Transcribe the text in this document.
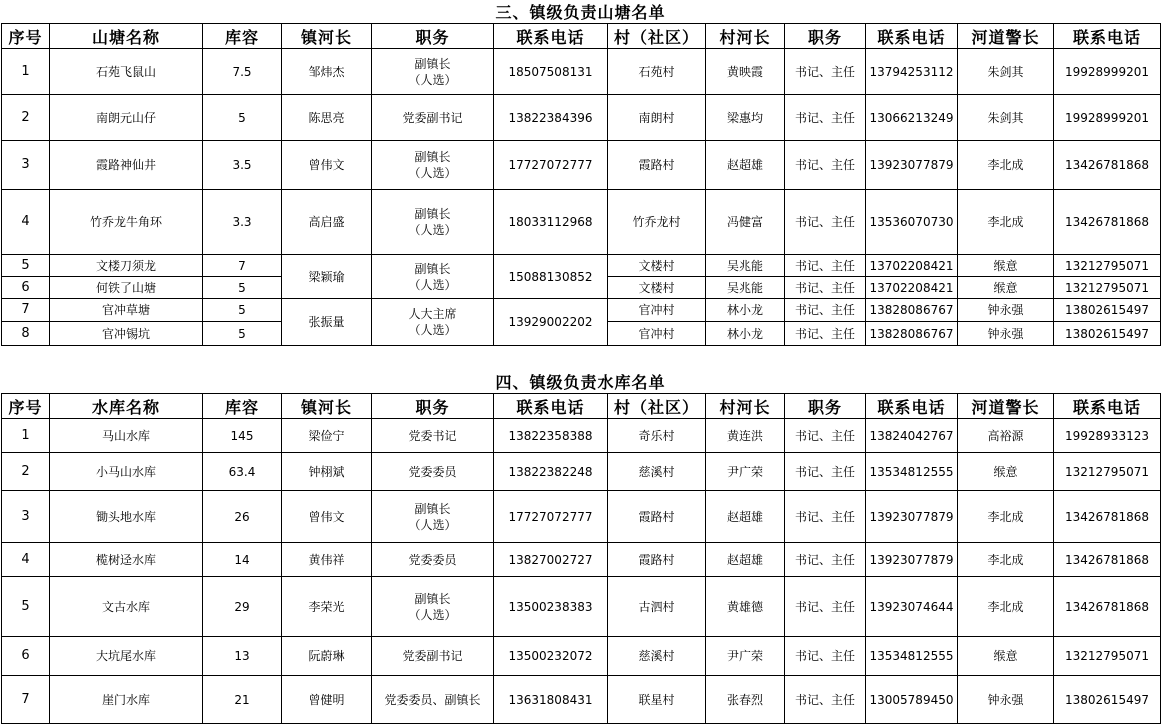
三、镇级负责山塘名单
序号	山塘名称	库容	镇河长	职务	联系电话	村（社区）	村河长	职务	联系电话	河道警长	联系电话
1	石苑飞鼠山	7.5	邹炜杰	副镇长
（人选）	18507508131	石苑村	黄映霞	书记、主任	13794253112	朱剑其	19928999201
2	南朗元山仔	5	陈思亮	党委副书记	13822384396	南朗村	梁惠均	书记、主任	13066213249	朱剑其	19928999201
3	霞路神仙井	3.5	曾伟文	副镇长
（人选）	17727072777	霞路村	赵超雄	书记、主任	13923077879	李北成	13426781868
4	竹乔龙牛角环	3.3	高启盛	副镇长
（人选）	18033112968	竹乔龙村	冯健富	书记、主任	13536070730	李北成	13426781868
5	文楼刀须龙	7	梁颖瑜	副镇长
（人选）	15088130852	文楼村	吴兆能	书记、主任	13702208421	缑意	13212795071
6	何铁了山塘	5				文楼村	吴兆能	书记、主任	13702208421	缑意	13212795071
7	官冲草塘	5	张振量	人大主席
（人选）	13929002202	官冲村	林小龙	书记、主任	13828086767	钟永强	13802615497
8	官冲锡坑	5				官冲村	林小龙	书记、主任	13828086767	钟永强	13802615497
四、镇级负责水库名单
序号	水库名称	库容	镇河长	职务	联系电话	村（社区）	村河长	职务	联系电话	河道警长	联系电话
1	马山水库	145	梁俭宁	党委书记	13822358388	奇乐村	黄连洪	书记、主任	13824042767	高裕源	19928933123
2	小马山水库	63.4	钟栩斌	党委委员	13822382248	慈溪村	尹广荣	书记、主任	13534812555	缑意	13212795071
3	锄头地水库	26	曾伟文	副镇长
（人选）	17727072777	霞路村	赵超雄	书记、主任	13923077879	李北成	13426781868
4	榄树迳水库	14	黄伟祥	党委委员	13827002727	霞路村	赵超雄	书记、主任	13923077879	李北成	13426781868
5	文古水库	29	李荣光	副镇长
（人选）	13500238383	古泗村	黄雄德	书记、主任	13923074644	李北成	13426781868
6	大坑尾水库	13	阮蔚琳	党委副书记	13500232072	慈溪村	尹广荣	书记、主任	13534812555	缑意	13212795071
7	崖门水库	21	曾健明	党委委员、副镇长	13631808431	联星村	张春烈	书记、主任	13005789450	钟永强	13802615497
